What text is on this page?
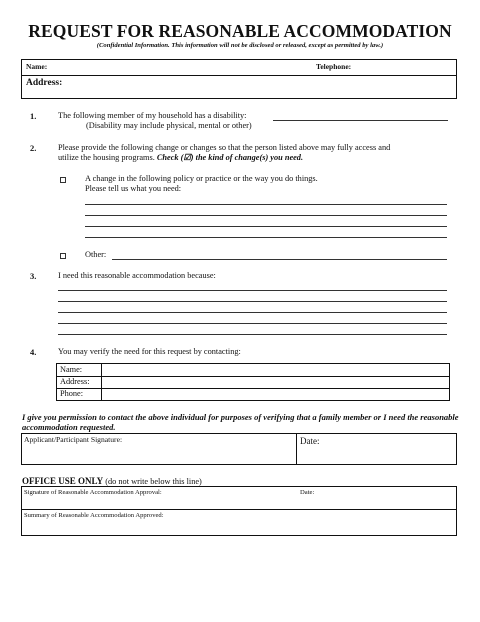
REQUEST FOR REASONABLE ACCOMMODATION
(Confidential Information. This information will not be disclosed or released, except as permitted by law.)
Name:	Telephone:
Address:
1.	The following member of my household has a disability:
(Disability may include physical, mental or other)
2.	Please provide the following change or changes so that the person listed above may fully access and
utilize the housing programs. Check (☑) the kind of change(s) you need.
A change in the following policy or practice or the way you do things.
Please tell us what you need:
Other:
3.	I need this reasonable accommodation because:
4.	You may verify the need for this request by contacting:
Name:
Address:
Phone:
I give you permission to contact the above individual for purposes of verifying that a family member or I need the reasonable accommodation requested.
Applicant/Participant Signature:	Date:
OFFICE USE ONLY (do not write below this line)
Signature of Reasonable Accommodation Approval:	Date:
Summary of Reasonable Accommodation Approved:
